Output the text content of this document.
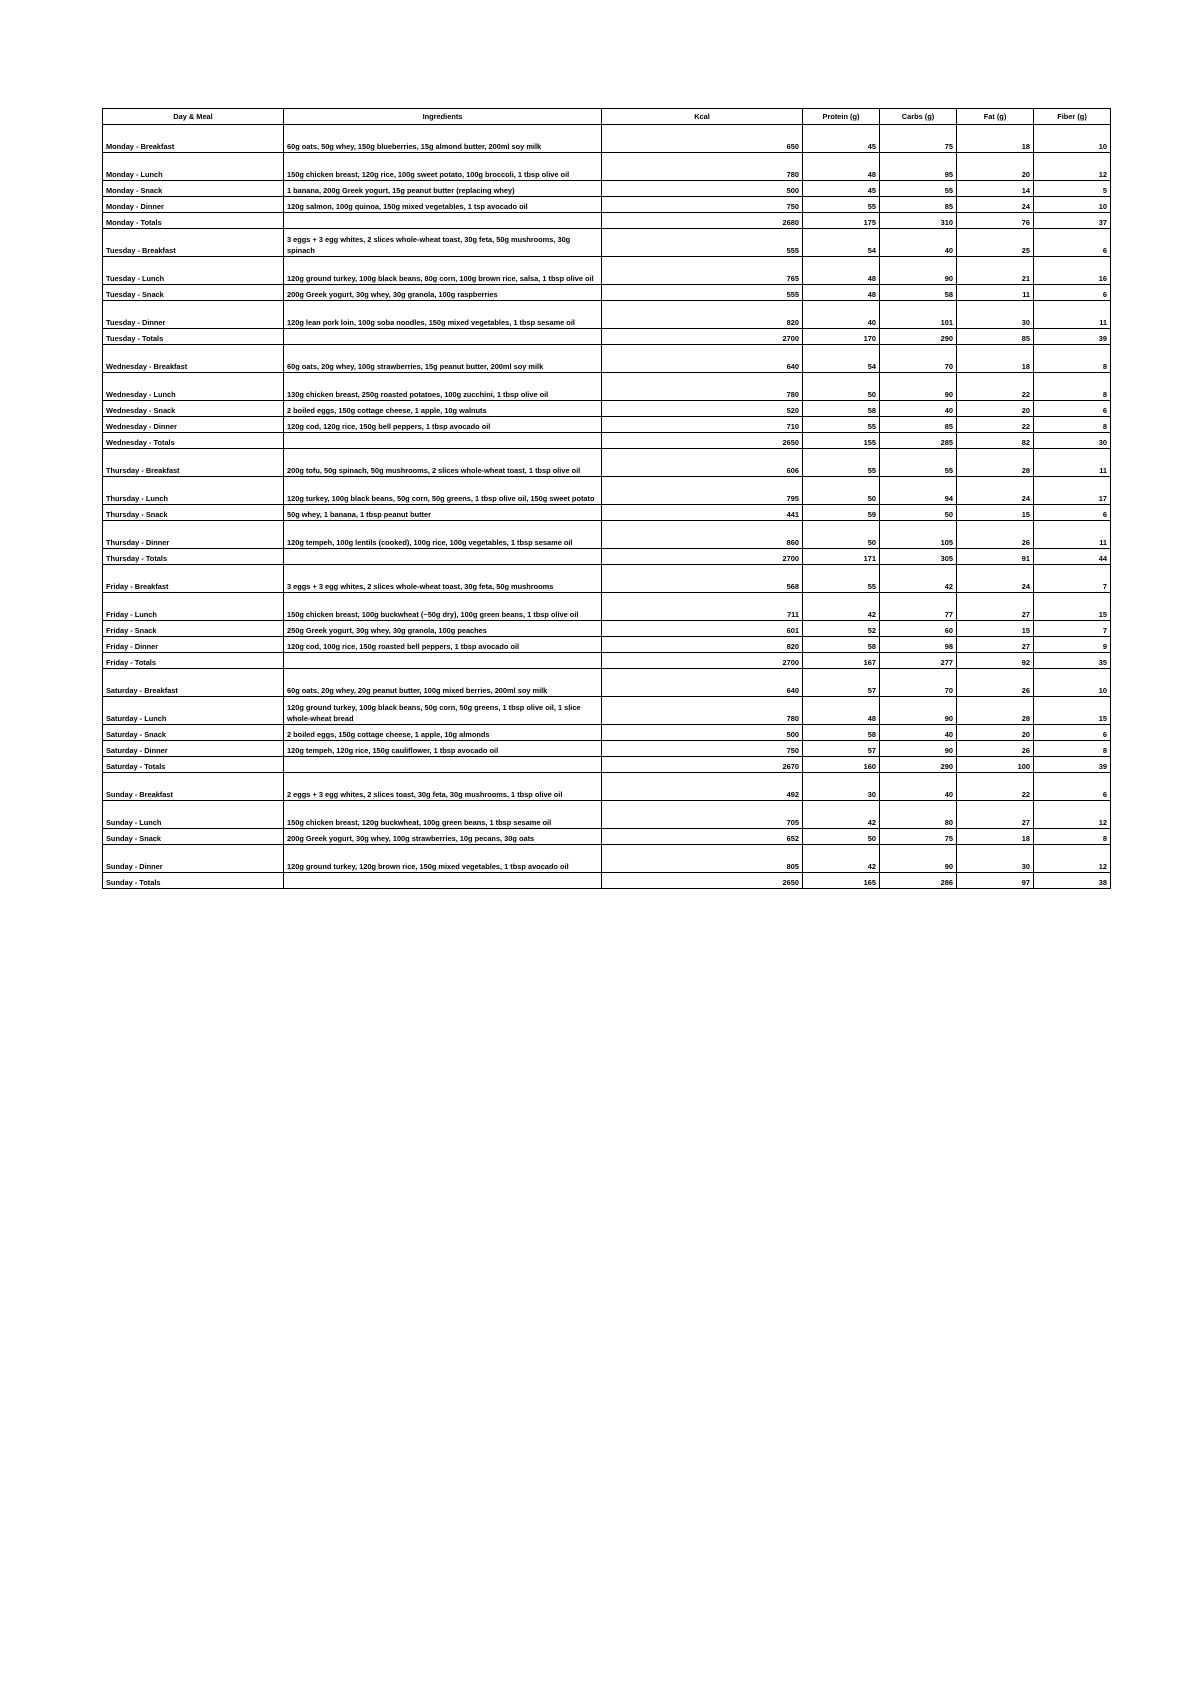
Day & Meal	Ingredients	Kcal	Protein (g)	Carbs (g)	Fat (g)	Fiber (g)
Monday - Breakfast	60g oats, 50g whey, 150g blueberries, 15g almond butter, 200ml soy milk	650	45	75	18	10
Monday - Lunch	150g chicken breast, 120g rice, 100g sweet potato, 100g broccoli, 1 tbsp olive oil	780	48	95	20	12
Monday - Snack	1 banana, 200g Greek yogurt, 15g peanut butter (replacing whey)	500	45	55	14	5
Monday - Dinner	120g salmon, 100g quinoa, 150g mixed vegetables, 1 tsp avocado oil	750	55	85	24	10
Monday - Totals		2680	175	310	76	37
Tuesday - Breakfast	3 eggs + 3 egg whites, 2 slices whole-wheat toast, 30g feta, 50g mushrooms, 30g spinach	555	54	40	25	6
Tuesday - Lunch	120g ground turkey, 100g black beans, 80g corn, 100g brown rice, salsa, 1 tbsp olive oil	765	48	90	21	16
Tuesday - Snack	200g Greek yogurt, 30g whey, 30g granola, 100g raspberries	555	48	58	11	6
Tuesday - Dinner	120g lean pork loin, 100g soba noodles, 150g mixed vegetables, 1 tbsp sesame oil	820	40	101	30	11
Tuesday - Totals		2700	170	290	85	39
Wednesday - Breakfast	60g oats, 20g whey, 100g strawberries, 15g peanut butter, 200ml soy milk	640	54	70	18	8
Wednesday - Lunch	130g chicken breast, 250g roasted potatoes, 100g zucchini, 1 tbsp olive oil	780	50	90	22	8
Wednesday - Snack	2 boiled eggs, 150g cottage cheese, 1 apple, 10g walnuts	520	58	40	20	6
Wednesday - Dinner	120g cod, 120g rice, 150g bell peppers, 1 tbsp avocado oil	710	55	85	22	8
Wednesday - Totals		2650	155	285	82	30
Thursday - Breakfast	200g tofu, 50g spinach, 50g mushrooms, 2 slices whole-wheat toast, 1 tbsp olive oil	606	55	55	28	11
Thursday - Lunch	120g turkey, 100g black beans, 50g corn, 50g greens, 1 tbsp olive oil, 150g sweet potato	795	50	94	24	17
Thursday - Snack	50g whey, 1 banana, 1 tbsp peanut butter	441	59	50	15	6
Thursday - Dinner	120g tempeh, 100g lentils (cooked), 100g rice, 100g vegetables, 1 tbsp sesame oil	860	50	105	26	11
Thursday - Totals		2700	171	305	91	44
Friday - Breakfast	3 eggs + 3 egg whites, 2 slices whole-wheat toast, 30g feta, 50g mushrooms	568	55	42	24	7
Friday - Lunch	150g chicken breast, 100g buckwheat (~50g dry), 100g green beans, 1 tbsp olive oil	711	42	77	27	15
Friday - Snack	250g Greek yogurt, 30g whey, 30g granola, 100g peaches	601	52	60	15	7
Friday - Dinner	120g cod, 100g rice, 150g roasted bell peppers, 1 tbsp avocado oil	820	58	98	27	9
Friday - Totals		2700	167	277	92	35
Saturday - Breakfast	60g oats, 20g whey, 20g peanut butter, 100g mixed berries, 200ml soy milk	640	57	70	26	10
Saturday - Lunch	120g ground turkey, 100g black beans, 50g corn, 50g greens, 1 tbsp olive oil, 1 slice whole-wheat bread	780	48	90	28	15
Saturday - Snack	2 boiled eggs, 150g cottage cheese, 1 apple, 10g almonds	500	58	40	20	6
Saturday - Dinner	120g tempeh, 120g rice, 150g cauliflower, 1 tbsp avocado oil	750	57	90	26	8
Saturday - Totals		2670	160	290	100	39
Sunday - Breakfast	2 eggs + 3 egg whites, 2 slices toast, 30g feta, 30g mushrooms, 1 tbsp olive oil	492	30	40	22	6
Sunday - Lunch	150g chicken breast, 120g buckwheat, 100g green beans, 1 tbsp sesame oil	705	42	80	27	12
Sunday - Snack	200g Greek yogurt, 30g whey, 100g strawberries, 10g pecans, 30g oats	652	50	75	18	8
Sunday - Dinner	120g ground turkey, 120g brown rice, 150g mixed vegetables, 1 tbsp avocado oil	805	42	90	30	12
Sunday - Totals		2650	165	286	97	38
